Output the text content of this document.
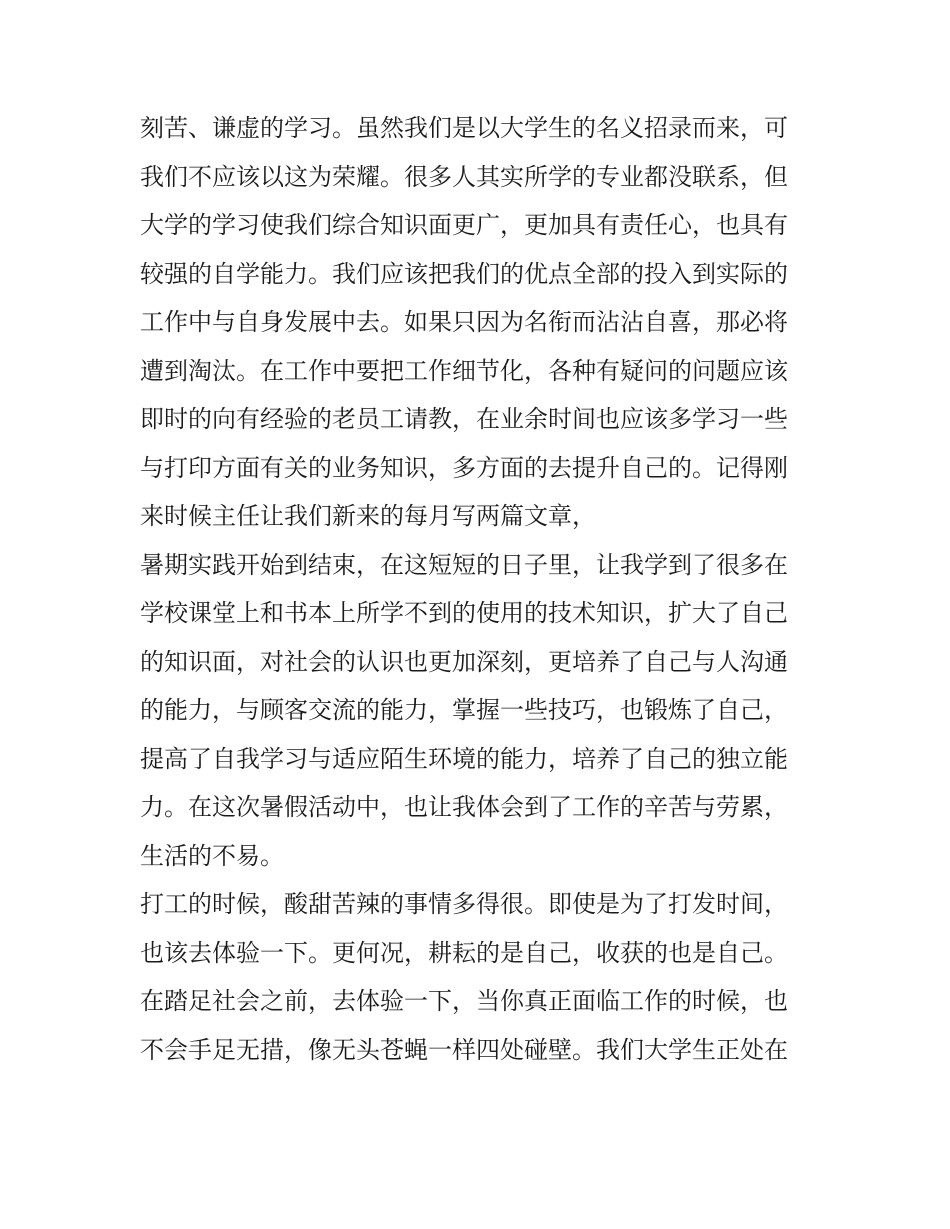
刻苦、谦虚的学习。虽然我们是以大学生的名义招录而来，可
我们不应该以这为荣耀。很多人其实所学的专业都没联系，但
大学的学习使我们综合知识面更广，更加具有责任心，也具有
较强的自学能力。我们应该把我们的优点全部的投入到实际的
工作中与自身发展中去。如果只因为名衔而沾沾自喜，那必将
遭到淘汰。在工作中要把工作细节化，各种有疑问的问题应该
即时的向有经验的老员工请教，在业余时间也应该多学习一些
与打印方面有关的业务知识，多方面的去提升自己的。记得刚
来时候主任让我们新来的每月写两篇文章，
暑期实践开始到结束，在这短短的日子里，让我学到了很多在
学校课堂上和书本上所学不到的使用的技术知识，扩大了自己
的知识面，对社会的认识也更加深刻，更培养了自己与人沟通
的能力，与顾客交流的能力，掌握一些技巧，也锻炼了自己，
提高了自我学习与适应陌生环境的能力，培养了自己的独立能
力。在这次暑假活动中，也让我体会到了工作的辛苦与劳累，
生活的不易。
打工的时候，酸甜苦辣的事情多得很。即使是为了打发时间，
也该去体验一下。更何况，耕耘的是自己，收获的也是自己。
在踏足社会之前，去体验一下，当你真正面临工作的时候，也
不会手足无措，像无头苍蝇一样四处碰壁。我们大学生正处在
